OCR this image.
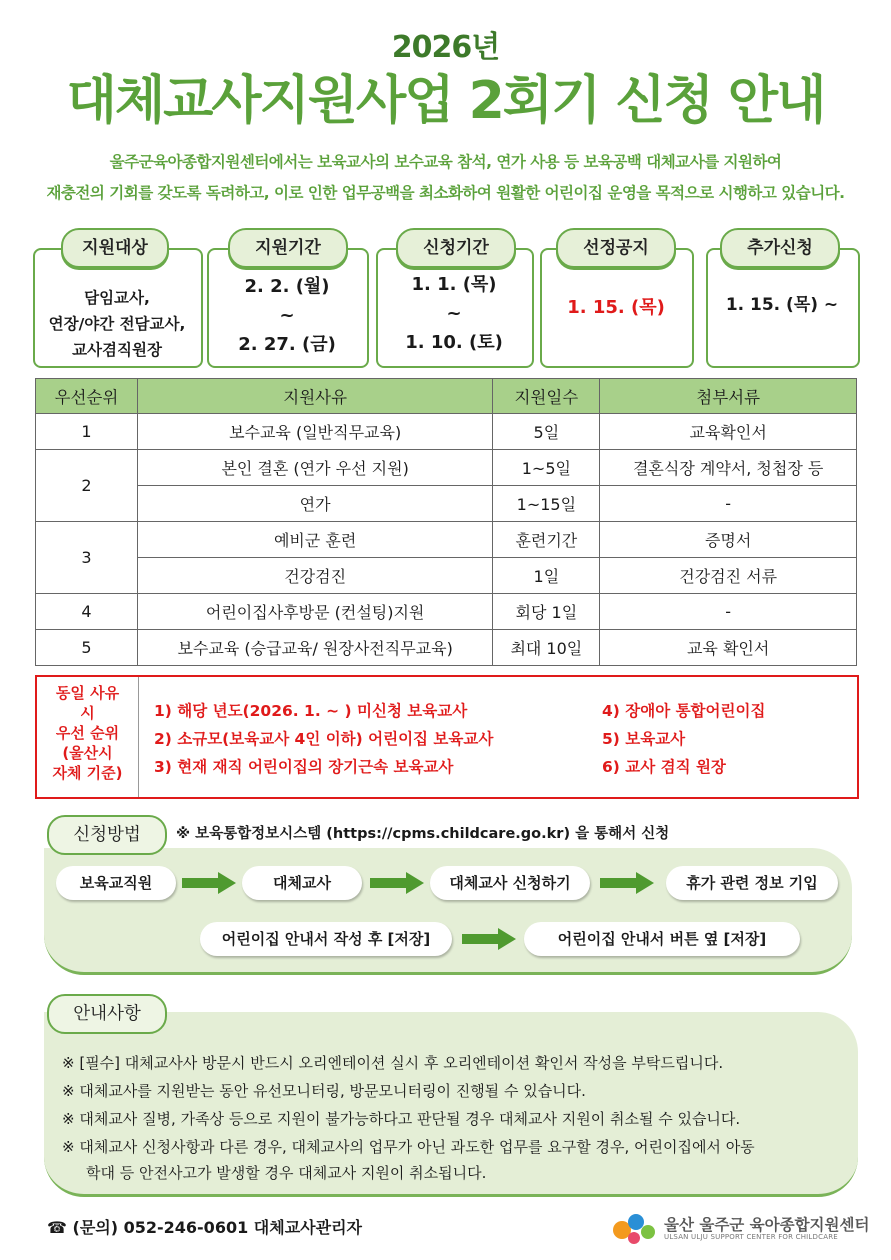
2026년
대체교사지원사업 2회기 신청 안내
울주군육아종합지원센터에서는 보육교사의 보수교육 참석, 연가 사용 등 보육공백 대체교사를 지원하여
재충전의 기회를 갖도록 독려하고, 이로 인한 업무공백을 최소화하여 원활한 어린이집 운영을 목적으로 시행하고 있습니다.
지원대상
담임교사,
연장/야간 전담교사,
교사겸직원장
지원기간
2. 2. (월)
~
2. 27. (금)
신청기간
1. 1. (목)
~
1. 10. (토)
선정공지
1. 15. (목)
추가신청
1. 15. (목) ~
우선순위	지원사유	지원일수	첨부서류
1	보수교육 (일반직무교육)	5일	교육확인서
2	본인 결혼 (연가 우선 지원)	1~5일	결혼식장 계약서, 청첩장 등
	연가	1~15일	-
3	예비군 훈련	훈련기간	증명서
	건강검진	1일	건강검진 서류
4	어린이집사후방문 (컨설팅)지원	회당 1일	-
5	보수교육 (승급교육/ 원장사전직무교육)	최대 10일	교육 확인서
동일 사유
시
우선 순위
(울산시
자체 기준)
1) 해당 년도(2026. 1. ~ ) 미신청 보육교사
2) 소규모(보육교사 4인 이하) 어린이집 보육교사
3) 현재 재직 어린이집의 장기근속 보육교사
4) 장애아 통합어린이집
5) 보육교사
6) 교사 겸직 원장
신청방법	※ 보육통합정보시스템 (https://cpms.childcare.go.kr) 을 통해서 신청
보육교직원	대체교사	대체교사 신청하기	휴가 관련 정보 기입
어린이집 안내서 작성 후 [저장]	어린이집 안내서 버튼 옆 [저장]
안내사항
※ [필수] 대체교사사 방문시 반드시 오리엔테이션 실시 후 오리엔테이션 확인서 작성을 부탁드립니다.
※ 대체교사를 지원받는 동안 유선모니터링, 방문모니터링이 진행될 수 있습니다.
※ 대체교사 질병, 가족상 등으로 지원이 불가능하다고 판단될 경우 대체교사 지원이 취소될 수 있습니다.
※ 대체교사 신청사항과 다른 경우, 대체교사의 업무가 아닌 과도한 업무를 요구할 경우, 어린이집에서 아동
학대 등 안전사고가 발생할 경우 대체교사 지원이 취소됩니다.
☎ (문의) 052-246-0601 대체교사관리자	울산 울주군 육아종합지원센터
ULSAN ULJU SUPPORT CENTER FOR CHILDCARE
